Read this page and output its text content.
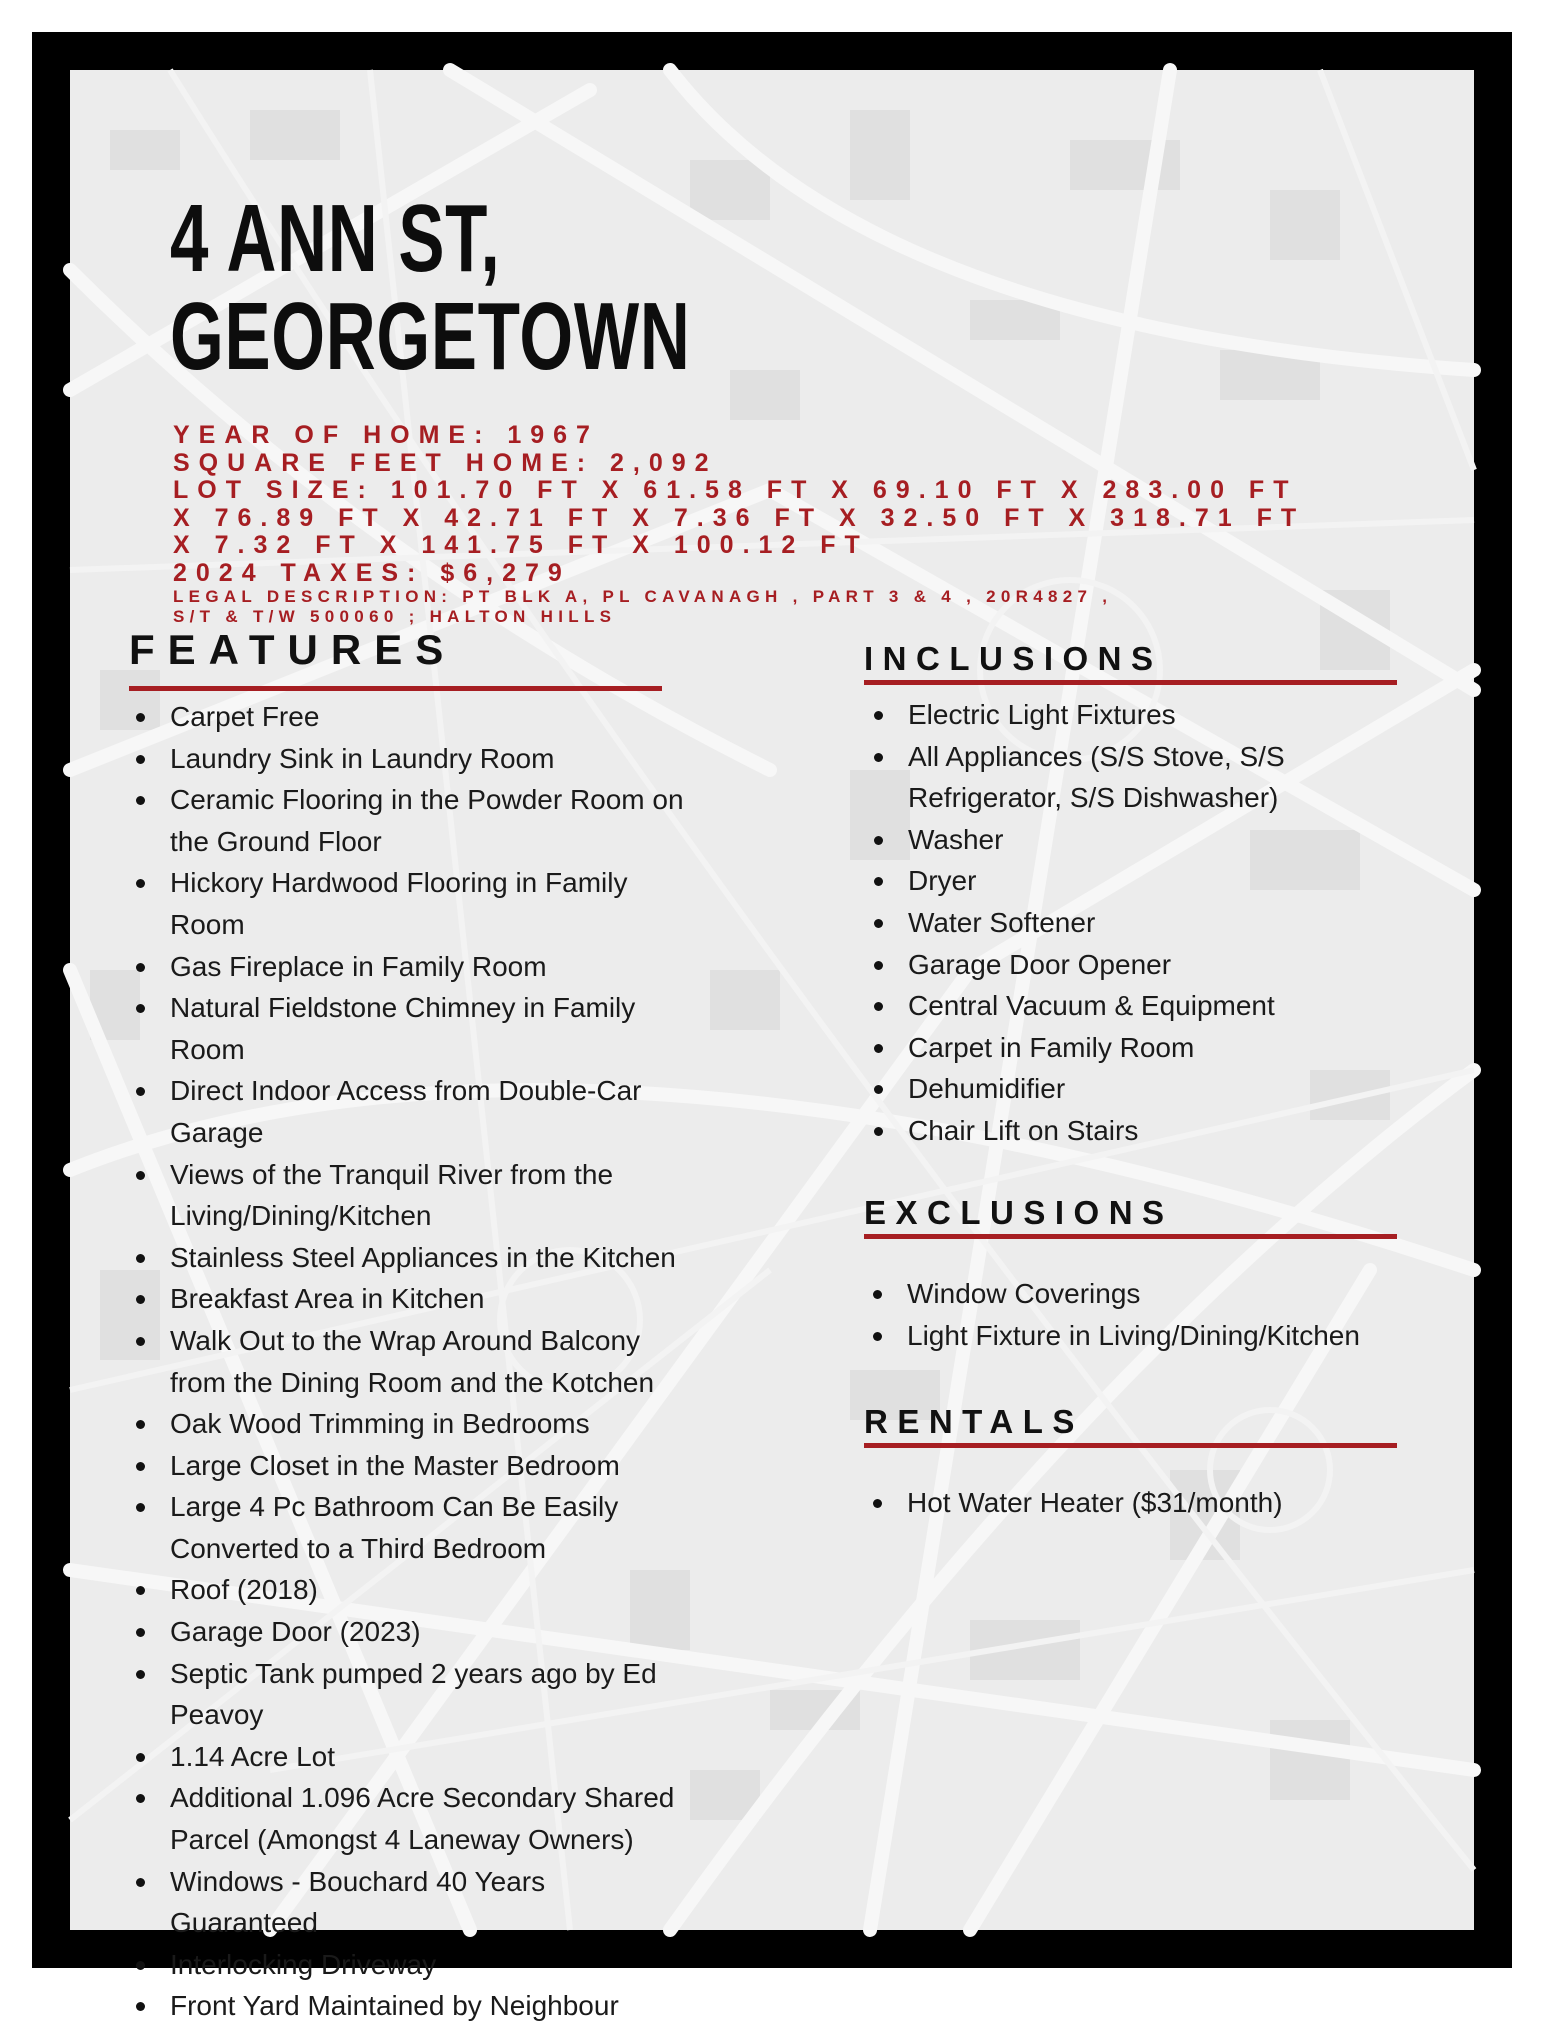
4 ANN ST,
GEORGETOWN
YEAR OF HOME: 1967
SQUARE FEET HOME: 2,092
LOT SIZE: 101.70 FT X 61.58 FT X 69.10 FT X 283.00 FT
X 76.89 FT X 42.71 FT X 7.36 FT X 32.50 FT X 318.71 FT
X 7.32 FT X 141.75 FT X 100.12 FT
2024 TAXES: $6,279
LEGAL DESCRIPTION: PT BLK A, PL CAVANAGH , PART 3 & 4 , 20R4827 ,
S/T & T/W 500060 ; HALTON HILLS
FEATURES
Carpet Free
Laundry Sink in Laundry Room
Ceramic Flooring in the Powder Room on the Ground Floor
Hickory Hardwood Flooring in Family Room
Gas Fireplace in Family Room
Natural Fieldstone Chimney in Family Room
Direct Indoor Access from Double-Car Garage
Views of the Tranquil River from the Living/Dining/Kitchen
Stainless Steel Appliances in the Kitchen
Breakfast Area in Kitchen
Walk Out to the Wrap Around Balcony from the Dining Room and the Kotchen
Oak Wood Trimming in Bedrooms
Large Closet in the Master Bedroom
Large 4 Pc Bathroom Can Be Easily Converted to a Third Bedroom
Roof (2018)
Garage Door (2023)
Septic Tank pumped 2 years ago by Ed Peavoy
1.14 Acre Lot
Additional 1.096 Acre Secondary Shared Parcel (Amongst 4 Laneway Owners)
Windows - Bouchard 40 Years Guaranteed
Interlocking Driveway
Front Yard Maintained by Neighbour
INCLUSIONS
Electric Light Fixtures
All Appliances (S/S Stove, S/S Refrigerator, S/S Dishwasher)
Washer
Dryer
Water Softener
Garage Door Opener
Central Vacuum & Equipment
Carpet in Family Room
Dehumidifier
Chair Lift on Stairs
EXCLUSIONS
Window Coverings
Light Fixture in Living/Dining/Kitchen
RENTALS
Hot Water Heater ($31/month)
KELLER WILLIAMS REAL ESTATE ASSOCIATES, Brokerage
